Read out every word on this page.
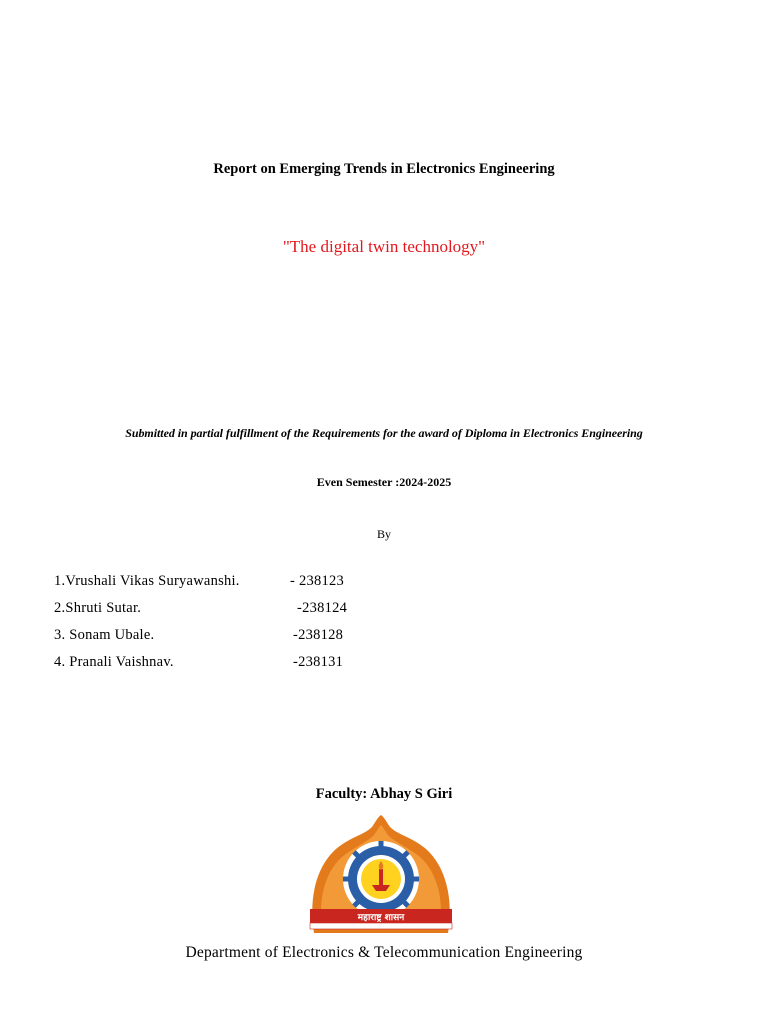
Report on Emerging Trends in Electronics Engineering
"The digital twin technology"
Submitted in partial fulfillment of the Requirements for the award of Diploma in Electronics Engineering
Even Semester :2024-2025
By
1.Vrushali Vikas Suryawanshi.	- 238123
2.Shruti Sutar.	-238124
3. Sonam Ubale.	-238128
4. Pranali Vaishnav.	-238131
Faculty: Abhay S Giri
महाराष्ट्र शासन
Department of Electronics & Telecommunication Engineering
